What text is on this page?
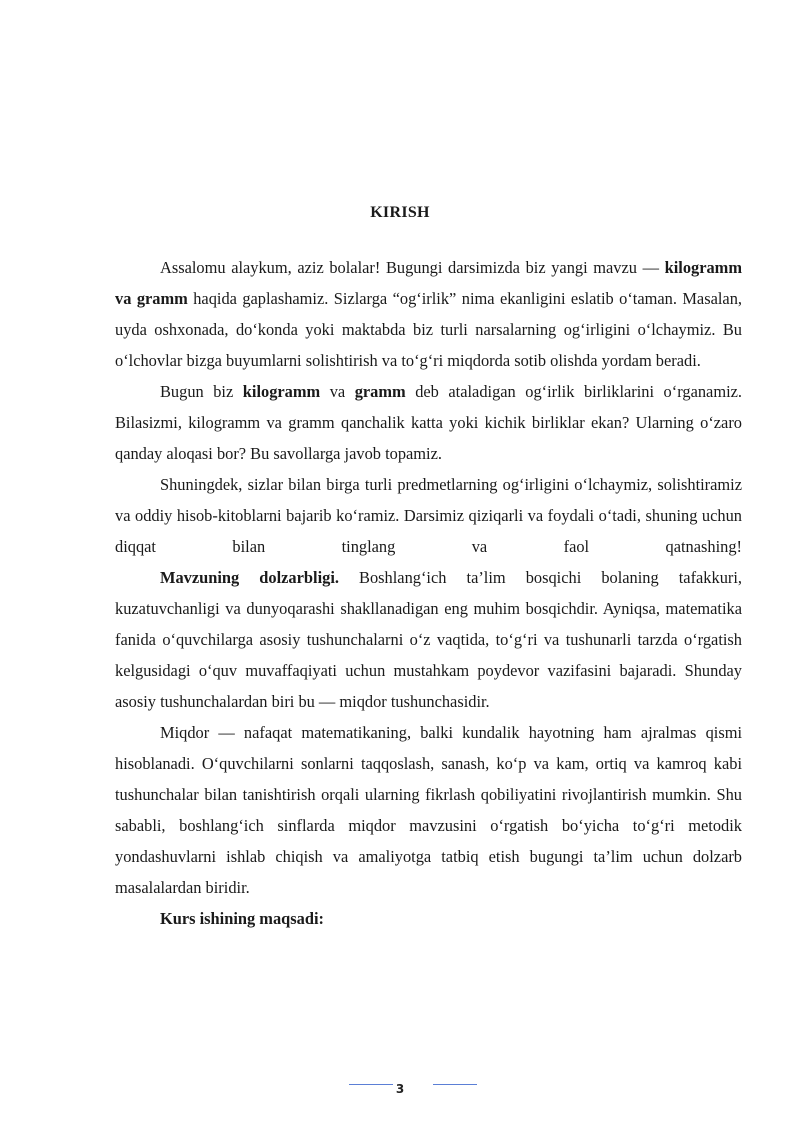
KIRISH

Assalomu alaykum, aziz bolalar! Bugungi darsimizda biz yangi mavzu — kilogramm va gramm haqida gaplashamiz. Sizlarga “og‘irlik” nima ekanligini eslatib o‘taman. Masalan, uyda oshxonada, do‘konda yoki maktabda biz turli narsalarning og‘irligini o‘lchaymiz. Bu o‘lchovlar bizga buyumlarni solishtirish va to‘g‘ri miqdorda sotib olishda yordam beradi.

Bugun biz kilogramm va gramm deb ataladigan og‘irlik birliklarini o‘rganamiz. Bilasizmi, kilogramm va gramm qanchalik katta yoki kichik birliklar ekan? Ularning o‘zaro qanday aloqasi bor? Bu savollarga javob topamiz.

Shuningdek, sizlar bilan birga turli predmetlarning og‘irligini o‘lchaymiz, solishtiramiz va oddiy hisob-kitoblarni bajarib ko‘ramiz. Darsimiz qiziqarli va foydali o‘tadi, shuning uchun diqqat bilan tinglang va faol qatnashing!

Mavzuning dolzarbligi. Boshlang‘ich ta’lim bosqichi bolaning tafakkuri, kuzatuvchanligi va dunyoqarashi shakllanadigan eng muhim bosqichdir. Ayniqsa, matematika fanida o‘quvchilarga asosiy tushunchalarni o‘z vaqtida, to‘g‘ri va tushunarli tarzda o‘rgatish kelgusidagi o‘quv muvaffaqiyati uchun mustahkam poydevor vazifasini bajaradi. Shunday asosiy tushunchalardan biri bu — miqdor tushunchasidir.

Miqdor — nafaqat matematikaning, balki kundalik hayotning ham ajralmas qismi hisoblanadi. O‘quvchilarni sonlarni taqqoslash, sanash, ko‘p va kam, ortiq va kamroq kabi tushunchalar bilan tanishtirish orqali ularning fikrlash qobiliyatini rivojlantirish mumkin. Shu sababli, boshlang‘ich sinflarda miqdor mavzusini o‘rgatish bo‘yicha to‘g‘ri metodik yondashuvlarni ishlab chiqish va amaliyotga tatbiq etish bugungi ta’lim uchun dolzarb masalalardan biridir.

Kurs ishining maqsadi:

3
